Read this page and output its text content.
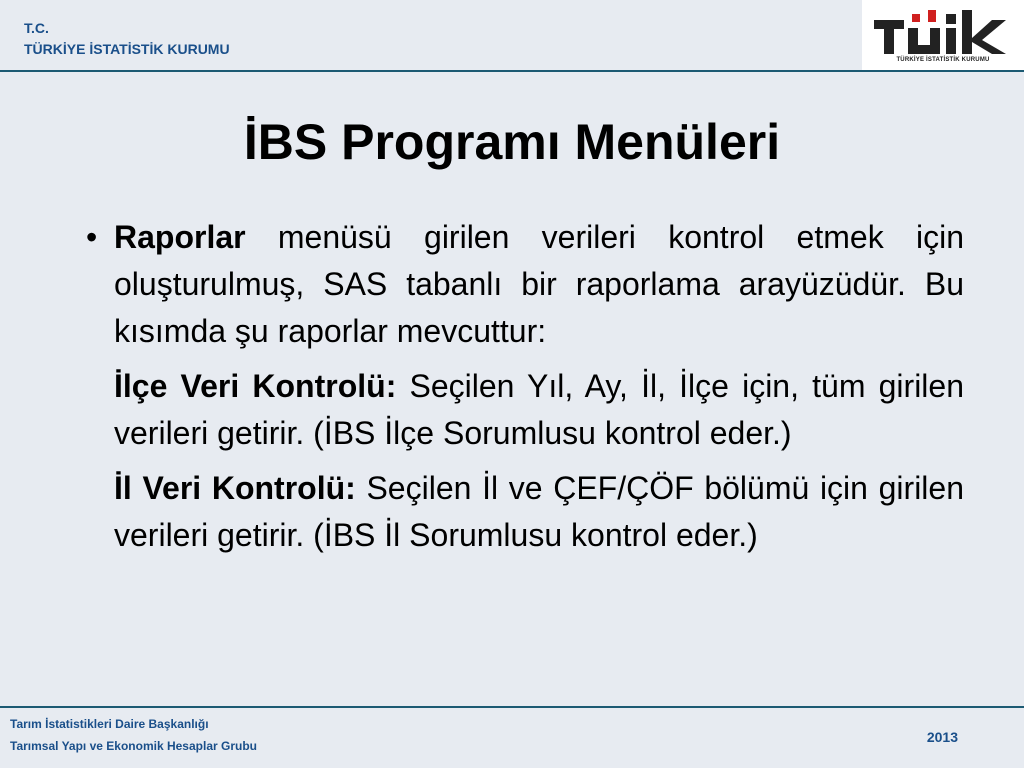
T.C.
TÜRKİYE İSTATİSTİK KURUMU
TÜRKİYE İSTATİSTİK KURUMU
İBS Programı Menüleri
• Raporlar menüsü girilen verileri kontrol etmek için oluşturulmuş, SAS tabanlı bir raporlama arayüzüdür. Bu kısımda şu raporlar mevcuttur:
İlçe Veri Kontrolü: Seçilen Yıl, Ay, İl, İlçe için, tüm girilen verileri getirir. (İBS İlçe Sorumlusu kontrol eder.)
İl Veri Kontrolü: Seçilen İl ve ÇEF/ÇÖF bölümü için girilen verileri getirir. (İBS İl Sorumlusu kontrol eder.)
Tarım İstatistikleri Daire Başkanlığı
Tarımsal Yapı ve Ekonomik Hesaplar Grubu
2013
